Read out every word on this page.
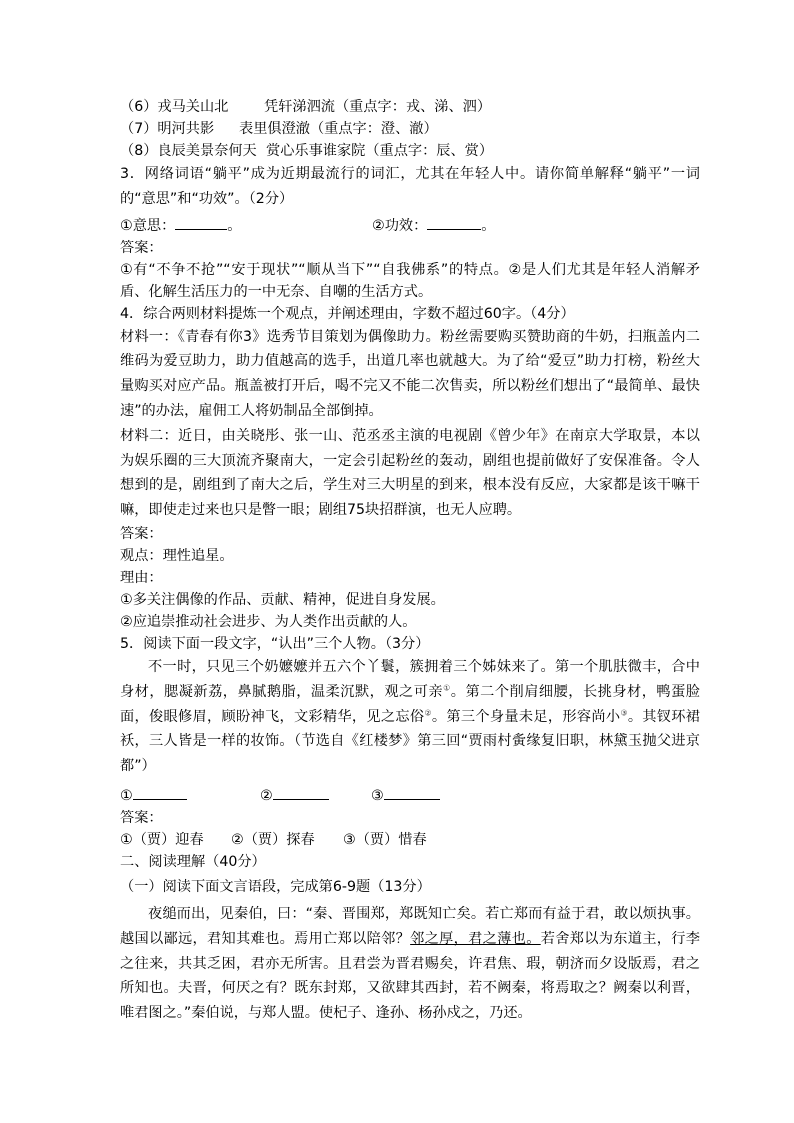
（6）戎马关山北	凭轩涕泗流（重点字：戎、涕、泗）
（7）明河共影 表里俱澄澈（重点字：澄、澈）
（8）良辰美景奈何天 赏心乐事谁家院（重点字：辰、赏）

3．网络词语“躺平”成为近期最流行的词汇，尤其在年轻人中。请你简单解释“躺平”一词的“意思”和“功效”。（2分）

①意思：	。	②功效：	。
答案：

①有“不争不抢”“安于现状”“顺从当下”“自我佛系”的特点。②是人们尤其是年轻人消解矛盾、化解生活压力的一中无奈、自嘲的生活方式。

4．综合两则材料提炼一个观点，并阐述理由，字数不超过60字。（4分）

材料一：《青春有你3》选秀节目策划为偶像助力。粉丝需要购买赞助商的牛奶，扫瓶盖内二维码为爱豆助力，助力值越高的选手，出道几率也就越大。为了给“爱豆”助力打榜，粉丝大量购买对应产品。瓶盖被打开后，喝不完又不能二次售卖，所以粉丝们想出了“最简单、最快速”的办法，雇佣工人将奶制品全部倒掉。

材料二：近日，由关晓彤、张一山、范丞丞主演的电视剧《曾少年》在南京大学取景，本以为娱乐圈的三大顶流齐聚南大，一定会引起粉丝的轰动，剧组也提前做好了安保准备。令人想到的是，剧组到了南大之后，学生对三大明星的到来，根本没有反应，大家都是该干嘛干嘛，即使走过来也只是瞥一眼；剧组75块招群演，也无人应聘。

答案：
观点：理性追星。
理由：
①多关注偶像的作品、贡献、精神，促进自身发展。
②应追崇推动社会进步、为人类作出贡献的人。
5．阅读下面一段文字，“认出”三个人物。（3分）

不一时，只见三个奶嬷嬷并五六个丫鬟，簇拥着三个姊妹来了。第一个肌肤微丰，合中身材，腮凝新荔，鼻腻鹅脂，温柔沉默，观之可亲①。第二个削肩细腰，长挑身材，鸭蛋脸面，俊眼修眉，顾盼神飞，文彩精华，见之忘俗②。第三个身量未足，形容尚小③。其钗环裙袄，三人皆是一样的妆饰。（节选自《红楼梦》第三回“贾雨村夤缘复旧职，林黛玉抛父进京都”）

①	②	③
答案：
①（贾）迎春	②（贾）探春	③（贾）惜春
二、阅读理解（40分）
（一）阅读下面文言语段，完成第6-9题（13分）

夜缒而出，见秦伯，曰：“秦、晋围郑，郑既知亡矣。若亡郑而有益于君，敢以烦执事。越国以鄙远，君知其难也。焉用亡郑以陪邻？邻之厚，君之薄也。若舍郑以为东道主，行李之往来，共其乏困，君亦无所害。且君尝为晋君赐矣，许君焦、瑕，朝济而夕设版焉，君之所知也。夫晋，何厌之有？既东封郑，又欲肆其西封，若不阙秦，将焉取之？阙秦以利晋，唯君图之。”秦伯说，与郑人盟。使杞子、逢孙、杨孙戍之，乃还。
